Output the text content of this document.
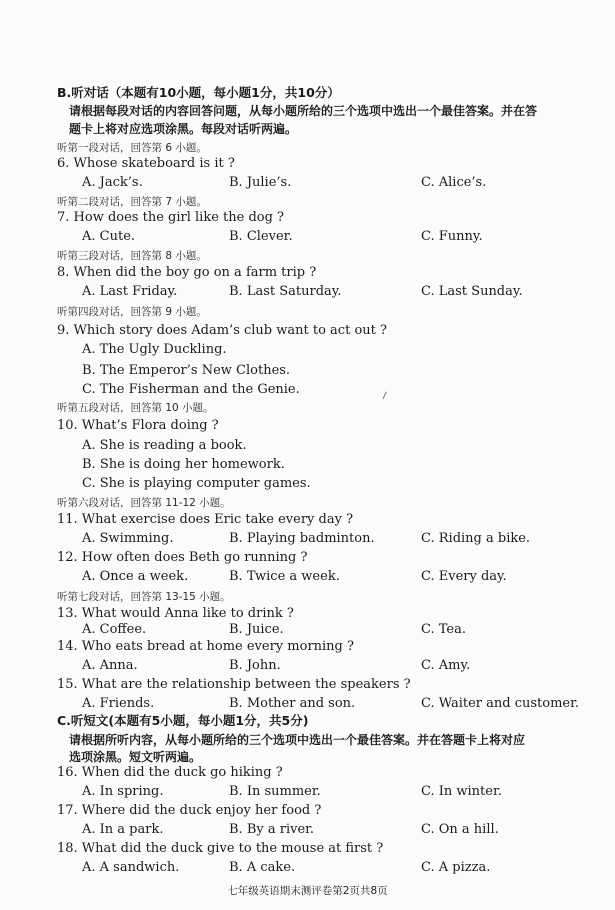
B.听对话（本题有10小题，每小题1分，共10分）
请根据每段对话的内容回答问题，从每小题所给的三个选项中选出一个最佳答案。并在答
题卡上将对应选项涂黑。每段对话听两遍。
听第一段对话，回答第 6 小题。
6. Whose skateboard is it ?
A. Jack’s.	B. Julie’s.	C. Alice’s.
听第二段对话，回答第 7 小题。
7. How does the girl like the dog ?
A. Cute.	B. Clever.	C. Funny.
听第三段对话，回答第 8 小题。
8. When did the boy go on a farm trip ?
A. Last Friday.	B. Last Saturday.	C. Last Sunday.
听第四段对话，回答第 9 小题。
9. Which story does Adam’s club want to act out ?
A. The Ugly Duckling.
B. The Emperor’s New Clothes.
C. The Fisherman and the Genie.
听第五段对话，回答第 10 小题。
10. What’s Flora doing ?
A. She is reading a book.
B. She is doing her homework.
C. She is playing computer games.
听第六段对话，回答第 11-12 小题。
11. What exercise does Eric take every day ?
A. Swimming.	B. Playing badminton.	C. Riding a bike.
12. How often does Beth go running ?
A. Once a week.	B. Twice a week.	C. Every day.
听第七段对话，回答第 13-15 小题。
13. What would Anna like to drink ?
A. Coffee.	B. Juice.	C. Tea.
14. Who eats bread at home every morning ?
A. Anna.	B. John.	C. Amy.
15. What are the relationship between the speakers ?
A. Friends.	B. Mother and son.	C. Waiter and customer.
C.听短文(本题有5小题，每小题1分，共5分)
请根据所听内容，从每小题所给的三个选项中选出一个最佳答案。并在答题卡上将对应
选项涂黑。短文听两遍。
16. When did the duck go hiking ?
A. In spring.	B. In summer.	C. In winter.
17. Where did the duck enjoy her food ?
A. In a park.	B. By a river.	C. On a hill.
18. What did the duck give to the mouse at first ?
A. A sandwich.	B. A cake.	C. A pizza.
七年级英语期末测评卷第2页共8页
